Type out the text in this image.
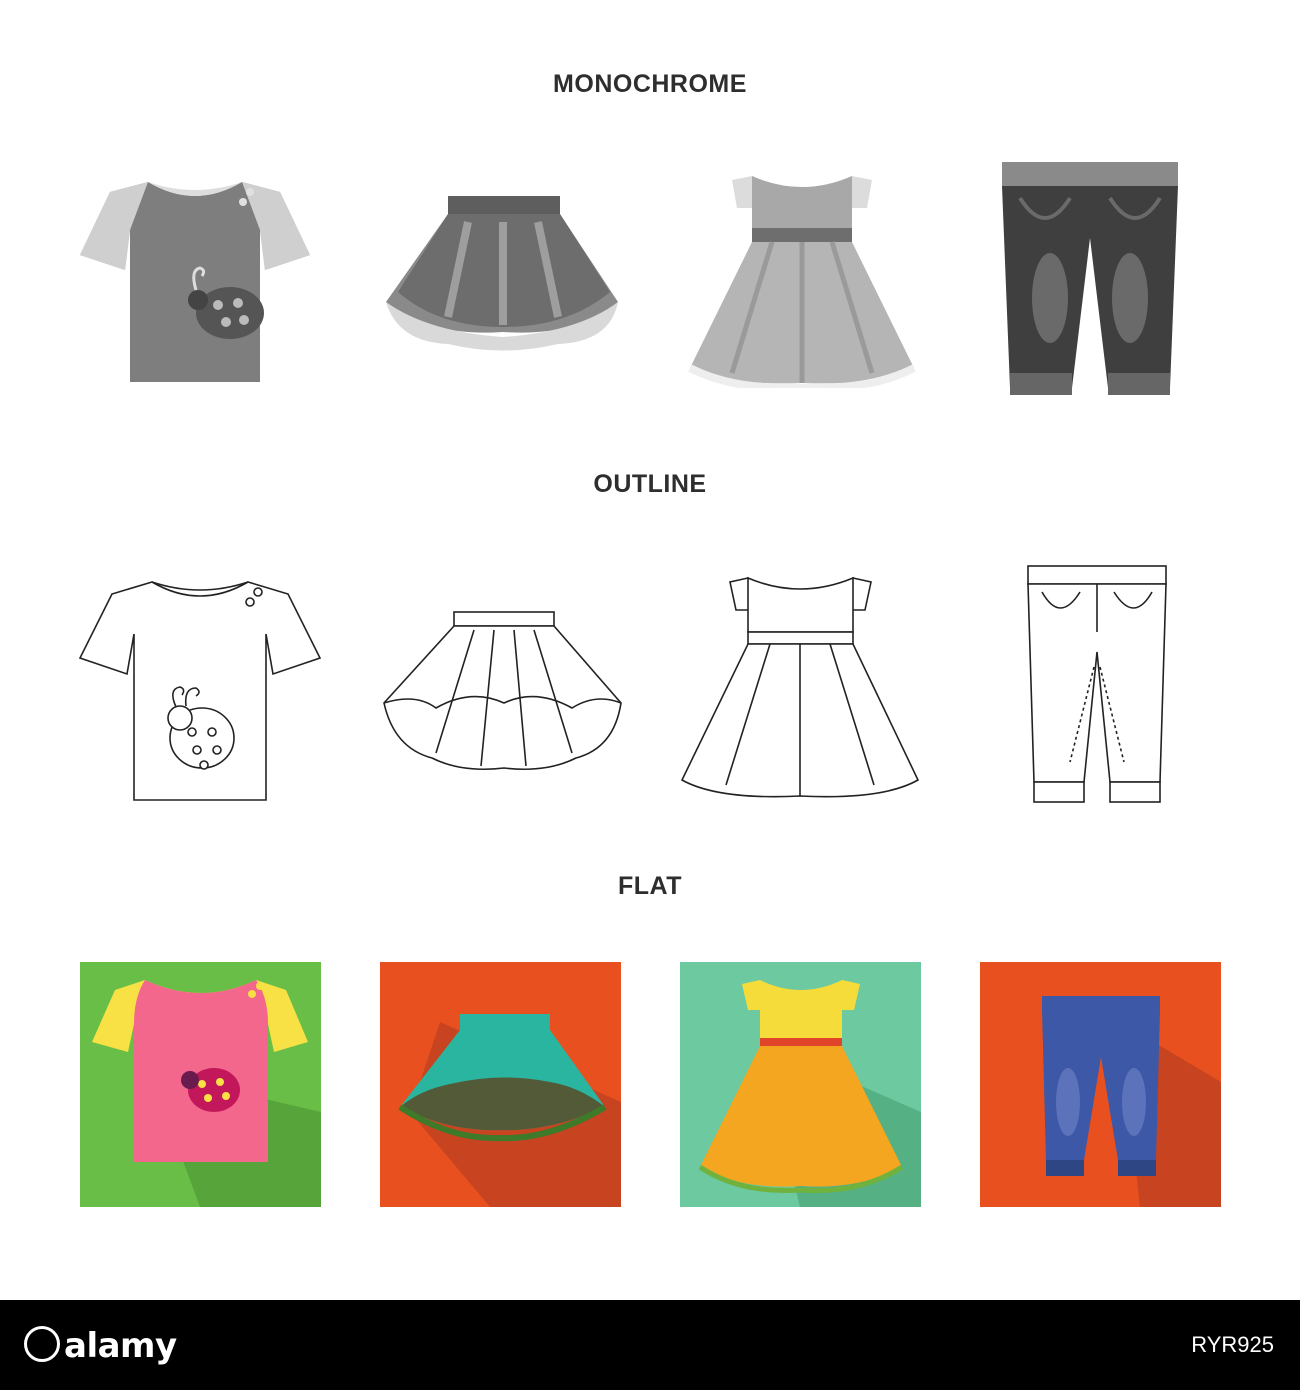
MONOCHROME
OUTLINE
FLAT
alamy	RYR925
